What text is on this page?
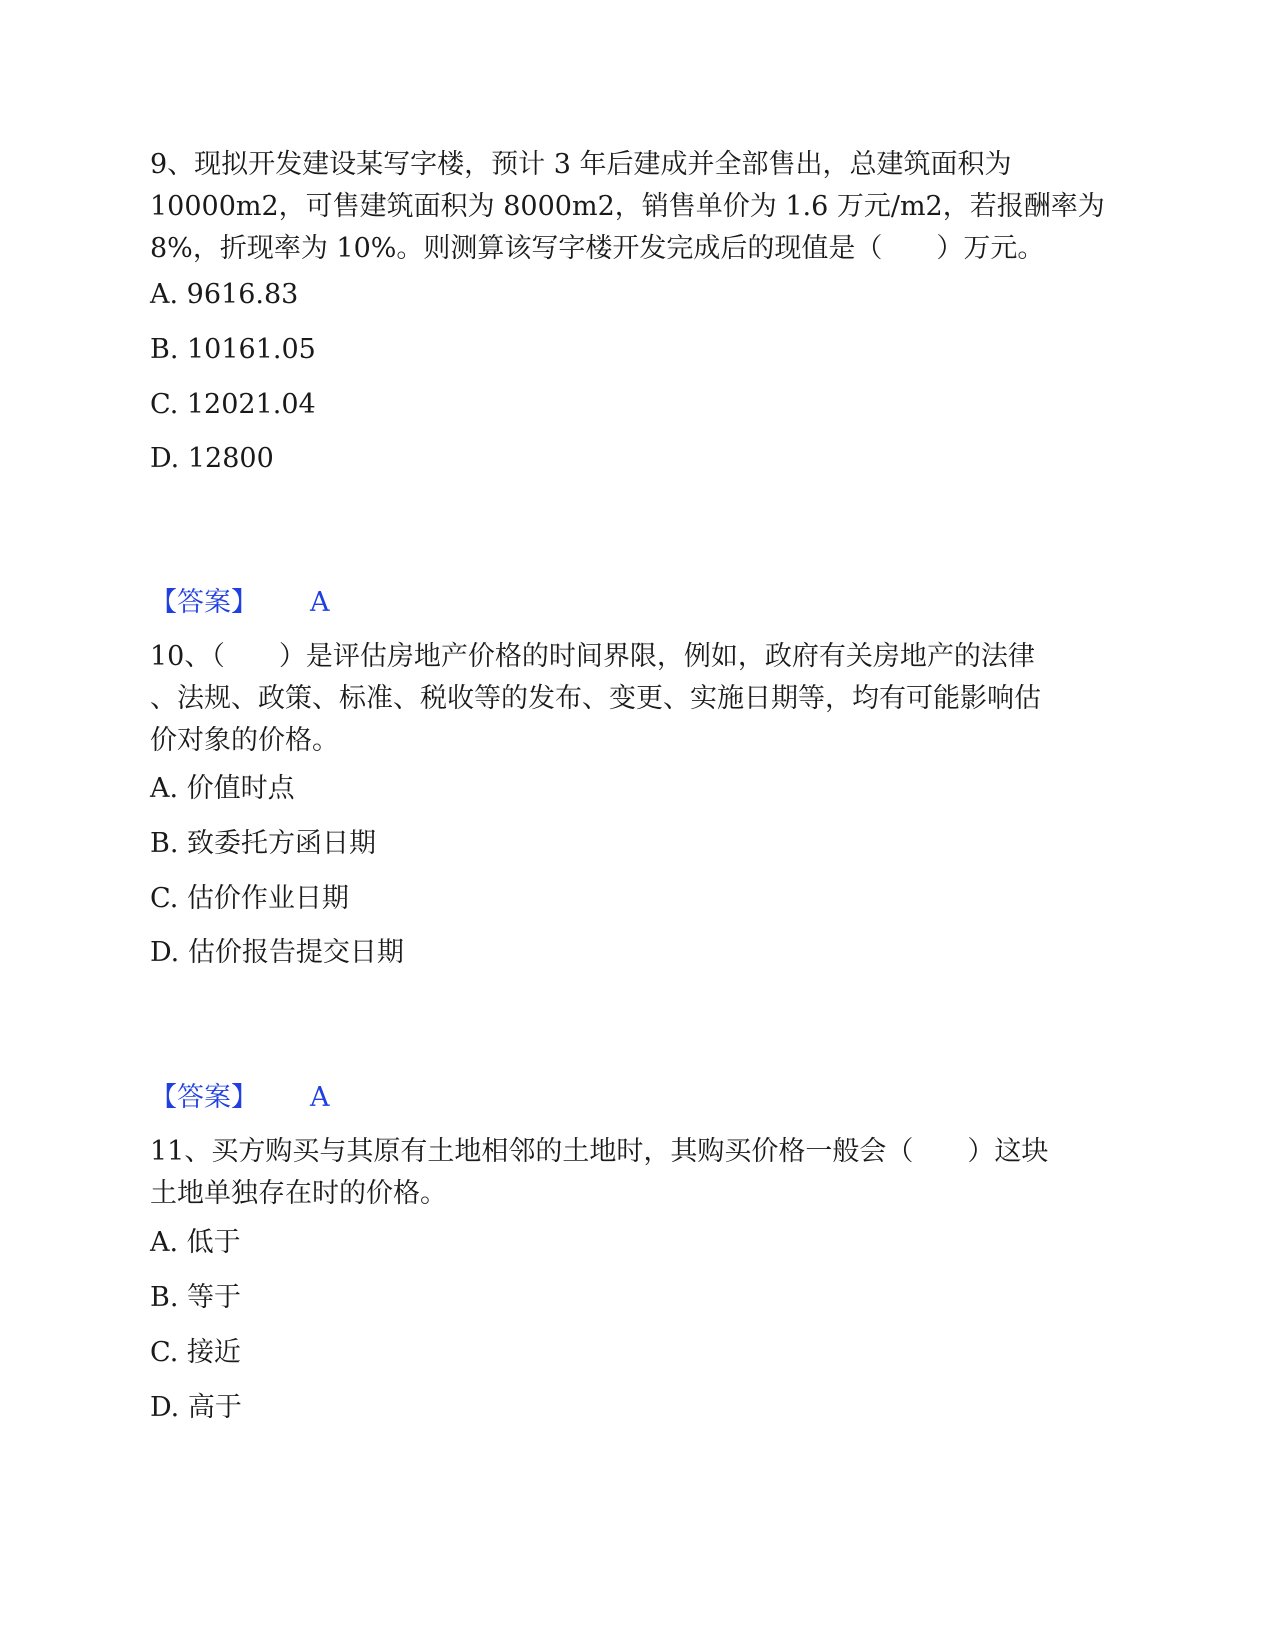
9、现拟开发建设某写字楼，预计 3 年后建成并全部售出，总建筑面积为
10000m2，可售建筑面积为 8000m2，销售单价为 1.6 万元/m2，若报酬率为
8%，折现率为 10%。则测算该写字楼开发完成后的现值是（　　）万元。
A. 9616.83
B. 10161.05
C. 12021.04
D. 12800
【答案】 A
10、（　　）是评估房地产价格的时间界限，例如，政府有关房地产的法律
、法规、政策、标准、税收等的发布、变更、实施日期等，均有可能影响估
价对象的价格。
A. 价值时点
B. 致委托方函日期
C. 估价作业日期
D. 估价报告提交日期
【答案】 A
11、买方购买与其原有土地相邻的土地时，其购买价格一般会（　　）这块
土地单独存在时的价格。
A. 低于
B. 等于
C. 接近
D. 高于
